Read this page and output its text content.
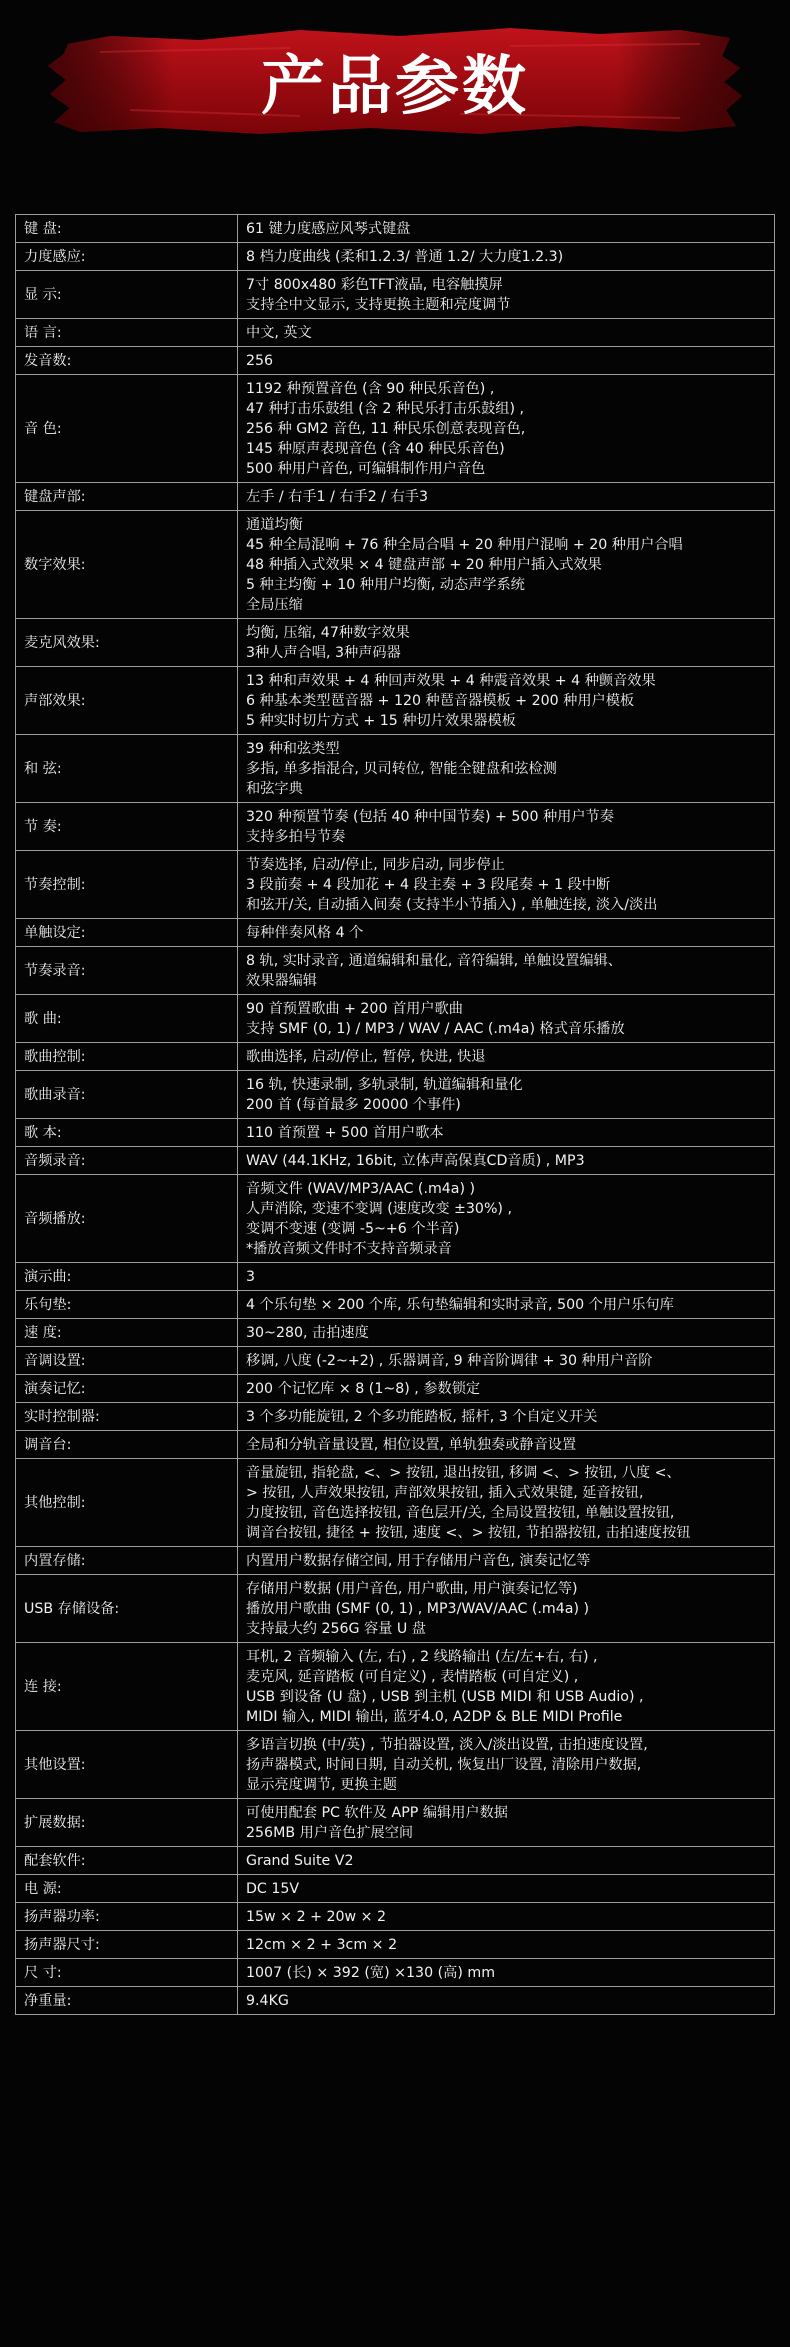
产品参数
键 盘:	61 键力度感应风琴式键盘
力度感应:	8 档力度曲线 (柔和1.2.3/ 普通 1.2/ 大力度1.2.3)
显 示:	7寸 800x480 彩色TFT液晶, 电容触摸屏
支持全中文显示, 支持更换主题和亮度调节
语 言:	中文, 英文
发音数:	256
音 色:	1192 种预置音色 (含 90 种民乐音色) ,
47 种打击乐鼓组 (含 2 种民乐打击乐鼓组) ,
256 种 GM2 音色, 11 种民乐创意表现音色,
145 种原声表现音色 (含 40 种民乐音色)
500 种用户音色, 可编辑制作用户音色
键盘声部:	左手 / 右手1 / 右手2 / 右手3
数字效果:	通道均衡
45 种全局混响 + 76 种全局合唱 + 20 种用户混响 + 20 种用户合唱
48 种插入式效果 × 4 键盘声部 + 20 种用户插入式效果
5 种主均衡 + 10 种用户均衡, 动态声学系统
全局压缩
麦克风效果:	均衡, 压缩, 47种数字效果
3种人声合唱, 3种声码器
声部效果:	13 种和声效果 + 4 种回声效果 + 4 种震音效果 + 4 种颤音效果
6 种基本类型琶音器 + 120 种琶音器模板 + 200 种用户模板
5 种实时切片方式 + 15 种切片效果器模板
和 弦:	39 种和弦类型
多指, 单多指混合, 贝司转位, 智能全键盘和弦检测
和弦字典
节 奏:	320 种预置节奏 (包括 40 种中国节奏) + 500 种用户节奏
支持多拍号节奏
节奏控制:	节奏选择, 启动/停止, 同步启动, 同步停止
3 段前奏 + 4 段加花 + 4 段主奏 + 3 段尾奏 + 1 段中断
和弦开/关, 自动插入间奏 (支持半小节插入) , 单触连接, 淡入/淡出
单触设定:	每种伴奏风格 4 个
节奏录音:	8 轨, 实时录音, 通道编辑和量化, 音符编辑, 单触设置编辑、
效果器编辑
歌 曲:	90 首预置歌曲 + 200 首用户歌曲
支持 SMF (0, 1) / MP3 / WAV / AAC (.m4a) 格式音乐播放
歌曲控制:	歌曲选择, 启动/停止, 暂停, 快进, 快退
歌曲录音:	16 轨, 快速录制, 多轨录制, 轨道编辑和量化
200 首 (每首最多 20000 个事件)
歌 本:	110 首预置 + 500 首用户歌本
音频录音:	WAV (44.1KHz, 16bit, 立体声高保真CD音质) , MP3
音频播放:	音频文件 (WAV/MP3/AAC (.m4a) )
人声消除, 变速不变调 (速度改变 ±30%) ,
变调不变速 (变调 -5~+6 个半音)
*播放音频文件时不支持音频录音
演示曲:	3
乐句垫:	4 个乐句垫 × 200 个库, 乐句垫编辑和实时录音, 500 个用户乐句库
速 度:	30~280, 击拍速度
音调设置:	移调, 八度 (-2~+2) , 乐器调音, 9 种音阶调律 + 30 种用户音阶
演奏记忆:	200 个记忆库 × 8 (1~8) , 参数锁定
实时控制器:	3 个多功能旋钮, 2 个多功能踏板, 摇杆, 3 个自定义开关
调音台:	全局和分轨音量设置, 相位设置, 单轨独奏或静音设置
其他控制:	音量旋钮, 指轮盘, <、> 按钮, 退出按钮, 移调 <、> 按钮, 八度 <、
> 按钮, 人声效果按钮, 声部效果按钮, 插入式效果键, 延音按钮,
力度按钮, 音色选择按钮, 音色层开/关, 全局设置按钮, 单触设置按钮,
调音台按钮, 捷径 + 按钮, 速度 <、> 按钮, 节拍器按钮, 击拍速度按钮
内置存储:	内置用户数据存储空间, 用于存储用户音色, 演奏记忆等
USB 存储设备:	存储用户数据 (用户音色, 用户歌曲, 用户演奏记忆等)
播放用户歌曲 (SMF (0, 1) , MP3/WAV/AAC (.m4a) )
支持最大约 256G 容量 U 盘
连 接:	耳机, 2 音频输入 (左, 右) , 2 线路输出 (左/左+右, 右) ,
麦克风, 延音踏板 (可自定义) , 表情踏板 (可自定义) ,
USB 到设备 (U 盘) , USB 到主机 (USB MIDI 和 USB Audio) ,
MIDI 输入, MIDI 输出, 蓝牙4.0, A2DP & BLE MIDI Profile
其他设置:	多语言切换 (中/英) , 节拍器设置, 淡入/淡出设置, 击拍速度设置,
扬声器模式, 时间日期, 自动关机, 恢复出厂设置, 清除用户数据,
显示亮度调节, 更换主题
扩展数据:	可使用配套 PC 软件及 APP 编辑用户数据
256MB 用户音色扩展空间
配套软件:	Grand Suite V2
电 源:	DC 15V
扬声器功率:	15w × 2 + 20w × 2
扬声器尺寸:	12cm × 2 + 3cm × 2
尺 寸:	1007 (长) × 392 (宽) ×130 (高) mm
净重量:	9.4KG
